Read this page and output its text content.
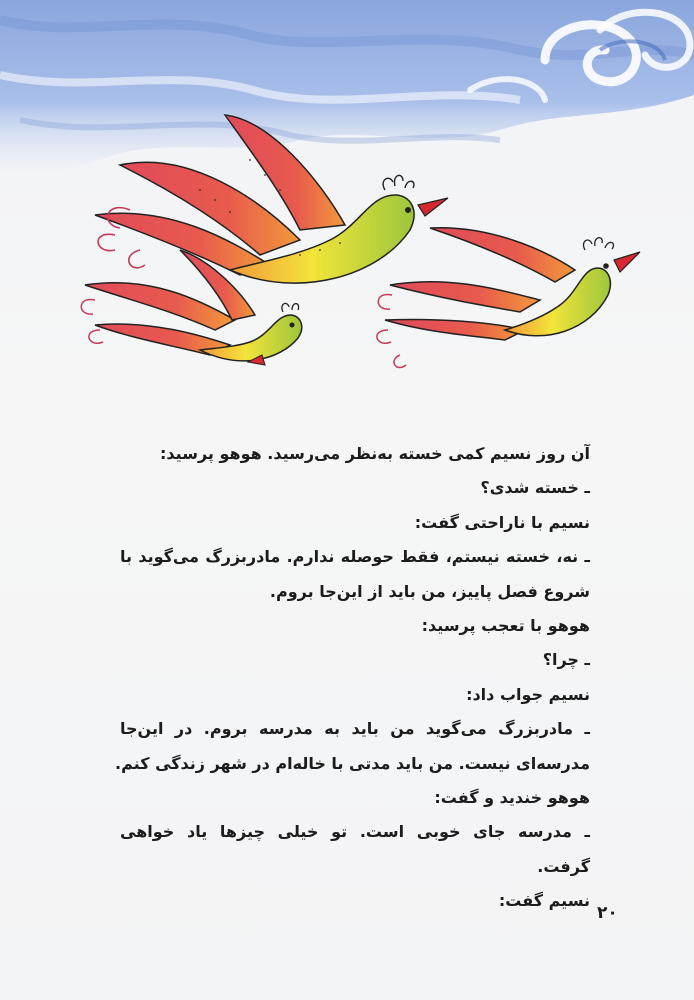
آن روز نسیم کمی خسته به‌نظر می‌رسید. هوهو پرسید:
ـ خسته شدی؟
نسیم با ناراحتی گفت:
ـ نه، خسته نیستم، فقط حوصله ندارم. مادربزرگ می‌گوید با
شروع فصل پاییز، من باید از این‌جا بروم.
هوهو با تعجب پرسید:
ـ چرا؟
نسیم جواب داد:
ـ مادربزرگ می‌گوید من باید به مدرسه بروم. در این‌جا
مدرسه‌ای نیست. من باید مدتی با خاله‌ام در شهر زندگی کنم.
هوهو خندید و گفت:
ـ مدرسه جای خوبی است. تو خیلی چیزها یاد خواهی
گرفت.
نسیم گفت:
۲۰
